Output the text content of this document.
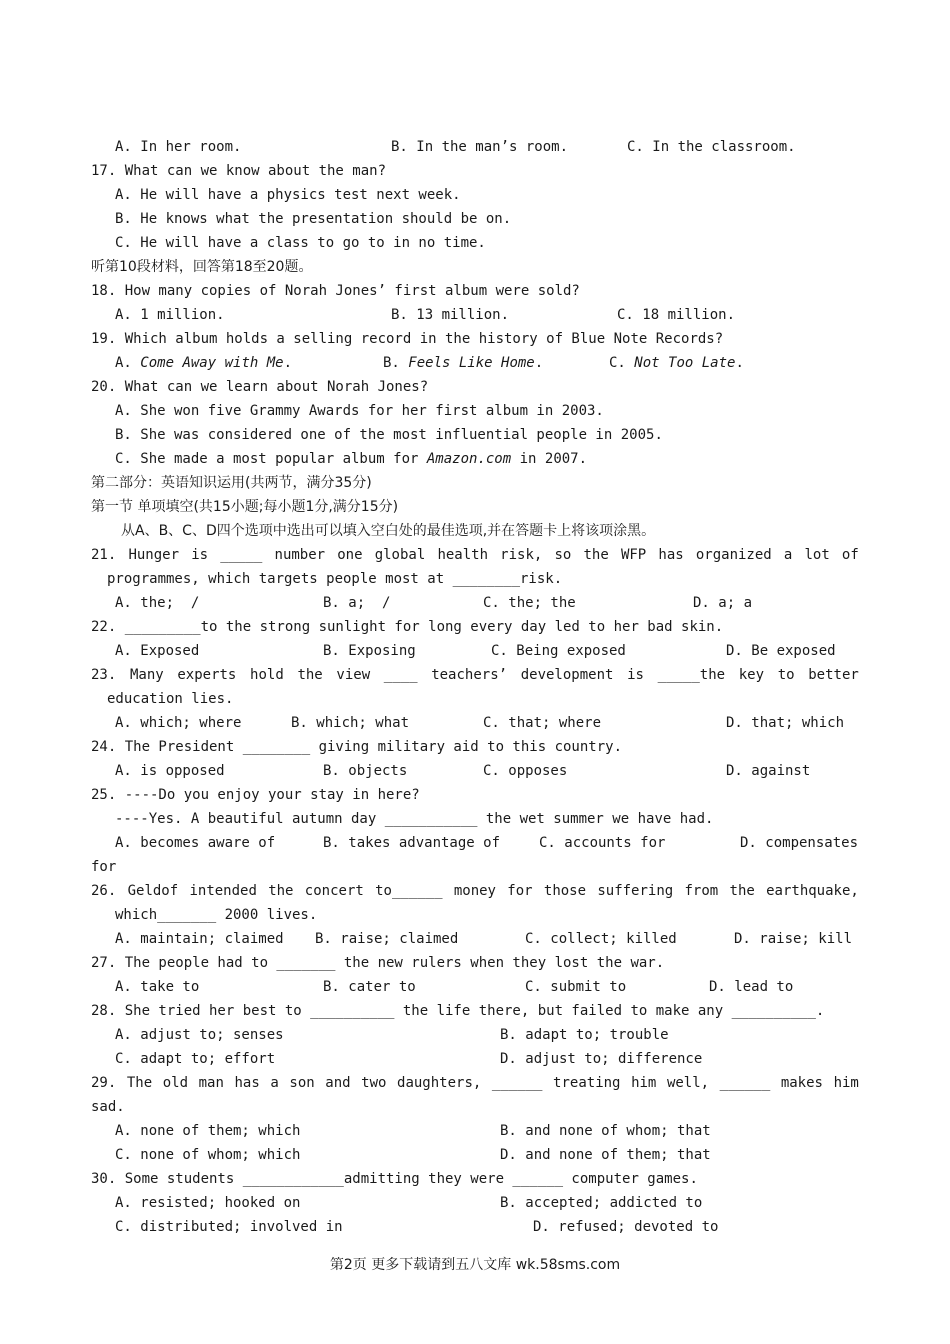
A. In her room.	B. In the man’s room.	C. In the classroom.
17. What can we know about the man?
A. He will have a physics test next week.
B. He knows what the presentation should be on.
C. He will have a class to go to in no time.
听第10段材料，回答第18至20题。
18. How many copies of Norah Jones’ first album were sold?
A. 1 million.	B. 13 million.	C. 18 million.
19. Which album holds a selling record in the history of Blue Note Records?
A. Come Away with Me.	B. Feels Like Home.	C. Not Too Late.
20. What can we learn about Norah Jones?
A. She won five Grammy Awards for her first album in 2003.
B. She was considered one of the most influential people in 2005.
C. She made a most popular album for Amazon.com in 2007.
第二部分：英语知识运用(共两节，满分35分)
第一节 单项填空(共15小题;每小题1分,满分15分)
从A、B、C、D四个选项中选出可以填入空白处的最佳选项,并在答题卡上将该项涂黑。
21. Hunger is _____ number one global health risk, so the WFP has organized a lot of
programmes, which targets people most at ________risk.
A. the;  /	B. a;  /	C. the; the	D. a; a
22. _________to the strong sunlight for long every day led to her bad skin.
A. Exposed	B. Exposing	C. Being exposed	D. Be exposed
23. Many experts hold the view ____ teachers’ development is _____the key to better
education lies.
A. which; where	B. which; what	C. that; where	D. that; which
24. The President ________ giving military aid to this country.
A. is opposed	B. objects	C. opposes	D. against
25. ----Do you enjoy your stay in here?
----Yes. A beautiful autumn day ___________ the wet summer we have had.
A. becomes aware of	B. takes advantage of	C. accounts for	D. compensates
for
26. Geldof intended the concert to______ money for those suffering from the earthquake,
which_______ 2000 lives.
A. maintain; claimed B. raise; claimed	C. collect; killed	D. raise; kill
27. The people had to _______ the new rulers when they lost the war.
A. take to	B. cater to	C. submit to	D. lead to
28. She tried her best to __________ the life there, but failed to make any __________.
A. adjust to; senses	B. adapt to; trouble
C. adapt to; effort	D. adjust to; difference
29. The old man has a son and two daughters, ______ treating him well, ______ makes him
sad.
A. none of them; which	B. and none of whom; that
C. none of whom; which	D. and none of them; that
30. Some students ____________admitting they were ______ computer games.
A. resisted; hooked on	B. accepted; addicted to
C. distributed; involved in	D. refused; devoted to
第2页 更多下载请到五八文库 wk.58sms.com
